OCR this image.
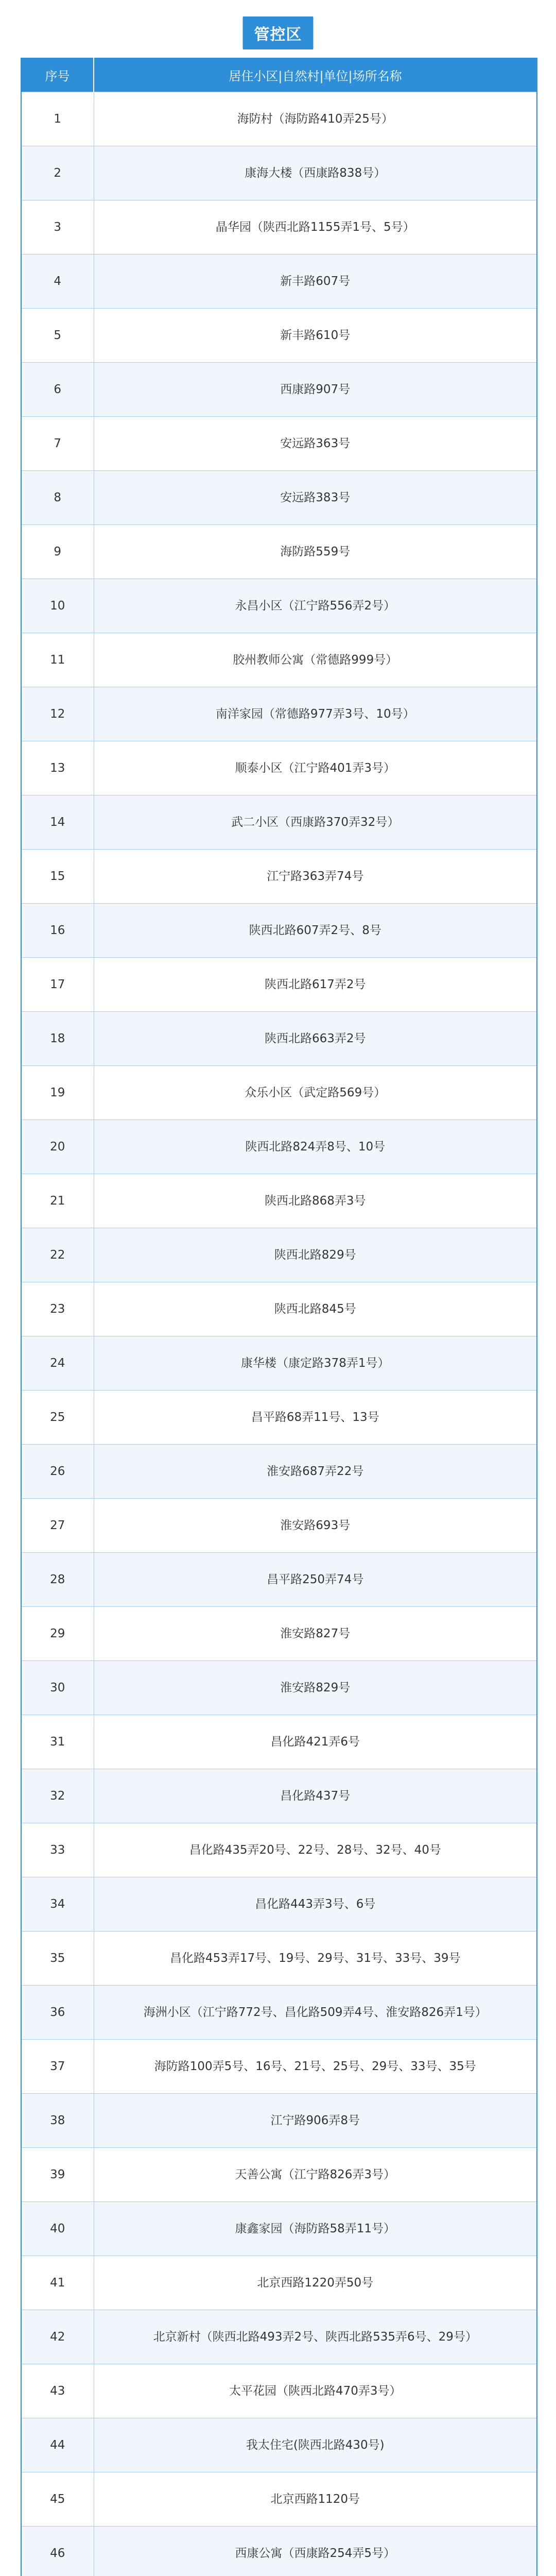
管控区
序号	居住小区|自然村|单位|场所名称
1	海防村（海防路410弄25号）
2	康海大楼（西康路838号）
3	晶华园（陕西北路1155弄1号、5号）
4	新丰路607号
5	新丰路610号
6	西康路907号
7	安远路363号
8	安远路383号
9	海防路559号
10	永昌小区（江宁路556弄2号）
11	胶州教师公寓（常德路999号）
12	南洋家园（常德路977弄3号、10号）
13	顺泰小区（江宁路401弄3号）
14	武二小区（西康路370弄32号）
15	江宁路363弄74号
16	陕西北路607弄2号、8号
17	陕西北路617弄2号
18	陕西北路663弄2号
19	众乐小区（武定路569号）
20	陕西北路824弄8号、10号
21	陕西北路868弄3号
22	陕西北路829号
23	陕西北路845号
24	康华楼（康定路378弄1号）
25	昌平路68弄11号、13号
26	淮安路687弄22号
27	淮安路693号
28	昌平路250弄74号
29	淮安路827号
30	淮安路829号
31	昌化路421弄6号
32	昌化路437号
33	昌化路435弄20号、22号、28号、32号、40号
34	昌化路443弄3号、6号
35	昌化路453弄17号、19号、29号、31号、33号、39号
36	海洲小区（江宁路772号、昌化路509弄4号、淮安路826弄1号）
37	海防路100弄5号、16号、21号、25号、29号、33号、35号
38	江宁路906弄8号
39	天善公寓（江宁路826弄3号）
40	康鑫家园（海防路58弄11号）
41	北京西路1220弄50号
42	北京新村（陕西北路493弄2号、陕西北路535弄6号、29号）
43	太平花园（陕西北路470弄3号）
44	我太住宅(陕西北路430号)
45	北京西路1120号
46	西康公寓（西康路254弄5号）
